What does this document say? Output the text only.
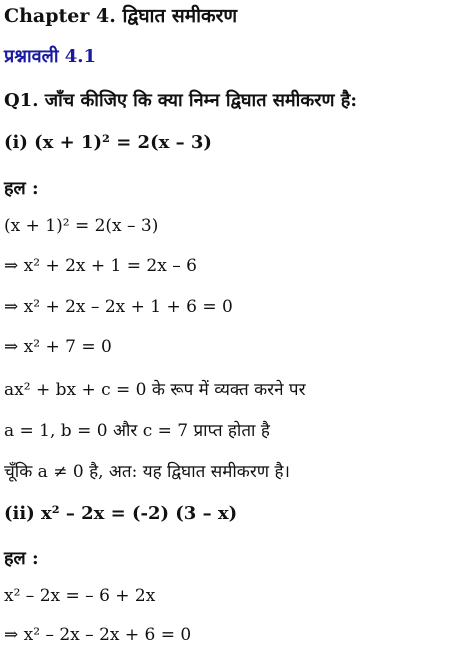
Chapter 4. द्विघात समीकरण
प्रश्नावली 4.1
Q1. जाँच कीजिए कि क्या निम्न द्विघात समीकरण है:
(i) (x + 1)² = 2(x – 3)
हल :
(x + 1)² = 2(x – 3)
⇒ x² + 2x + 1 = 2x – 6
⇒ x² + 2x – 2x + 1 + 6 = 0
⇒ x² + 7 = 0
ax² + bx + c = 0 के रूप में व्यक्त करने पर
a = 1, b = 0 और c = 7 प्राप्त होता है
चूँकि a ≠ 0 है, अत: यह द्विघात समीकरण है।
(ii) x² – 2x = (-2) (3 – x)
हल :
x² – 2x = – 6 + 2x
⇒ x² – 2x – 2x + 6 = 0
